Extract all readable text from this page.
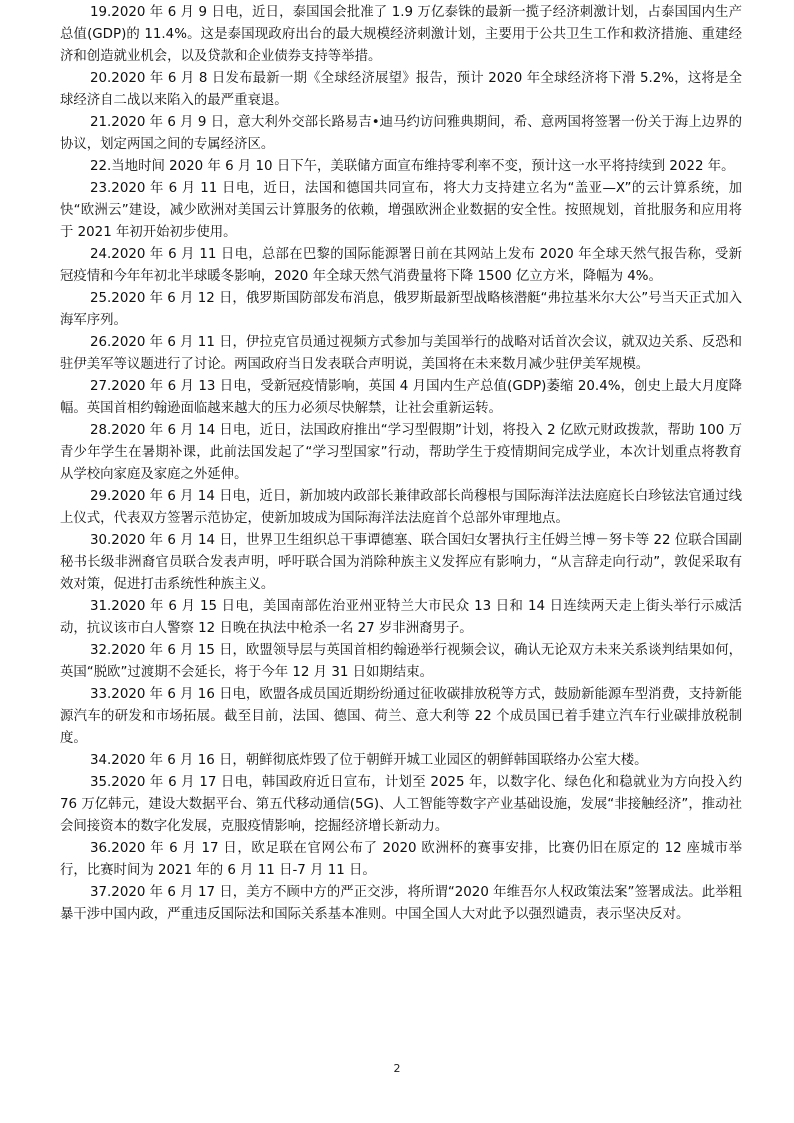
19.2020 年 6 月 9 日电，近日，泰国国会批准了 1.9 万亿泰铢的最新一揽子经济刺激计划，占泰国国内生产总值(GDP)的 11.4%。这是泰国现政府出台的最大规模经济刺激计划，主要用于公共卫生工作和救济措施、重建经济和创造就业机会，以及贷款和企业债券支持等举措。

20.2020 年 6 月 8 日发布最新一期《全球经济展望》报告，预计 2020 年全球经济将下滑 5.2%，这将是全球经济自二战以来陷入的最严重衰退。

21.2020 年 6 月 9 日，意大利外交部长路易吉•迪马约访问雅典期间，希、意两国将签署一份关于海上边界的协议，划定两国之间的专属经济区。

22.当地时间 2020 年 6 月 10 日下午，美联储方面宣布维持零利率不变，预计这一水平将持续到 2022 年。

23.2020 年 6 月 11 日电，近日，法国和德国共同宣布，将大力支持建立名为“盖亚—X”的云计算系统，加快“欧洲云”建设，减少欧洲对美国云计算服务的依赖，增强欧洲企业数据的安全性。按照规划，首批服务和应用将于 2021 年初开始初步使用。

24.2020 年 6 月 11 日电，总部在巴黎的国际能源署日前在其网站上发布 2020 年全球天然气报告称，受新冠疫情和今年年初北半球暖冬影响，2020 年全球天然气消费量将下降 1500 亿立方米，降幅为 4%。

25.2020 年 6 月 12 日，俄罗斯国防部发布消息，俄罗斯最新型战略核潜艇“弗拉基米尔大公”号当天正式加入海军序列。

26.2020 年 6 月 11 日，伊拉克官员通过视频方式参加与美国举行的战略对话首次会议，就双边关系、反恐和驻伊美军等议题进行了讨论。两国政府当日发表联合声明说，美国将在未来数月减少驻伊美军规模。

27.2020 年 6 月 13 日电，受新冠疫情影响，英国 4 月国内生产总值(GDP)萎缩 20.4%，创史上最大月度降幅。英国首相约翰逊面临越来越大的压力必须尽快解禁，让社会重新运转。

28.2020 年 6 月 14 日电，近日，法国政府推出“学习型假期”计划，将投入 2 亿欧元财政拨款，帮助 100 万青少年学生在暑期补课，此前法国发起了“学习型国家”行动，帮助学生于疫情期间完成学业，本次计划重点将教育从学校向家庭及家庭之外延伸。

29.2020 年 6 月 14 日电，近日，新加坡内政部长兼律政部长尚穆根与国际海洋法法庭庭长白珍铉法官通过线上仪式，代表双方签署示范协定，使新加坡成为国际海洋法法庭首个总部外审理地点。

30.2020 年 6 月 14 日，世界卫生组织总干事谭德塞、联合国妇女署执行主任姆兰博－努卡等 22 位联合国副秘书长级非洲裔官员联合发表声明，呼吁联合国为消除种族主义发挥应有影响力，“从言辞走向行动”，敦促采取有效对策，促进打击系统性种族主义。

31.2020 年 6 月 15 日电，美国南部佐治亚州亚特兰大市民众 13 日和 14 日连续两天走上街头举行示威活动，抗议该市白人警察 12 日晚在执法中枪杀一名 27 岁非洲裔男子。

32.2020 年 6 月 15 日，欧盟领导层与英国首相约翰逊举行视频会议，确认无论双方未来关系谈判结果如何，英国“脱欧”过渡期不会延长，将于今年 12 月 31 日如期结束。

33.2020 年 6 月 16 日电，欧盟各成员国近期纷纷通过征收碳排放税等方式，鼓励新能源车型消费，支持新能源汽车的研发和市场拓展。截至目前，法国、德国、荷兰、意大利等 22 个成员国已着手建立汽车行业碳排放税制度。

34.2020 年 6 月 16 日，朝鲜彻底炸毁了位于朝鲜开城工业园区的朝鲜韩国联络办公室大楼。

35.2020 年 6 月 17 日电，韩国政府近日宣布，计划至 2025 年，以数字化、绿色化和稳就业为方向投入约 76 万亿韩元，建设大数据平台、第五代移动通信(5G)、人工智能等数字产业基础设施，发展“非接触经济”，推动社会间接资本的数字化发展，克服疫情影响，挖掘经济增长新动力。

36.2020 年 6 月 17 日，欧足联在官网公布了 2020 欧洲杯的赛事安排，比赛仍旧在原定的 12 座城市举行，比赛时间为 2021 年的 6 月 11 日-7 月 11 日。

37.2020 年 6 月 17 日，美方不顾中方的严正交涉，将所谓“2020 年维吾尔人权政策法案”签署成法。此举粗暴干涉中国内政，严重违反国际法和国际关系基本准则。中国全国人大对此予以强烈谴责，表示坚决反对。

2
